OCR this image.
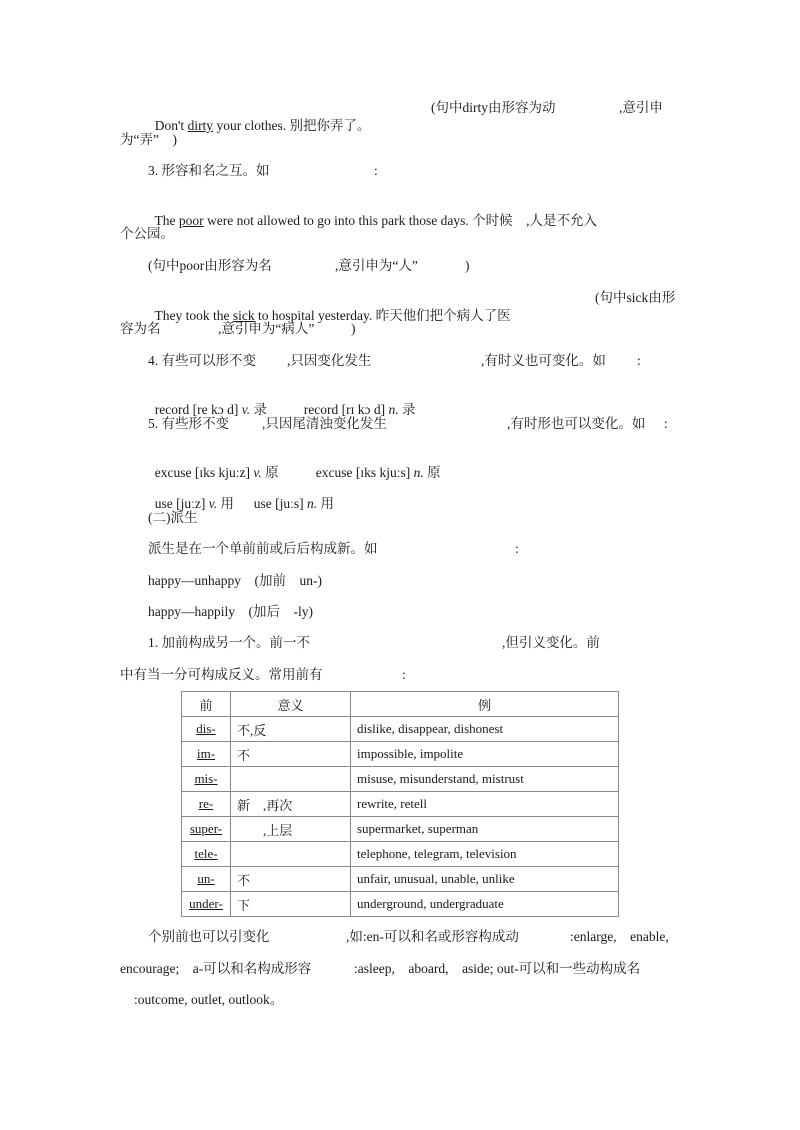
Don't dirty your clothes. 别把你弄了。

(句中dirty由形容为动	,意引申
为“弄”　)
3. 形容和名之互。如	:

The poor were not allowed to go into this park those days. 个时候　,人是不允入

个公园。
(句中poor由形容为名	,意引申为“人”	)

They took the sick to hospital yesterday. 昨天他们把个病人了医

(句中sick由形
容为名	,意引申为“病人”	)
4. 有些可以形不变 ,只因变化发生	,有时义也可变化。如 :

record [re kɔ d] v. 录	record [rɪ kɔ d] n. 录

5. 有些形不变 ,只因尾清浊变化发生	,有时形也可以变化。如 :

excuse [ɪks kjuːz] v. 原	excuse [ɪks kjuːs] n. 原

use [juːz] v. 用	use [juːs] n. 用

(二)派生
派生是在一个单前前或后后构成新。如	:
happy—unhappy　(加前　un-)
happy—happily　(加后　-ly)
1. 加前构成另一个。前一不	,但引义变化。前
中有当一分可构成反义。常用前有	:
前	意义	例
dis-	不,反	dislike, disappear, dishonest
im-	不	impossible, impolite
mis-		misuse, misunderstand, mistrust
re-	新　,再次	rewrite, retell
super-	　　,上层	supermarket, superman
tele-		telephone, telegram, television
un-	不	unfair, unusual, unable, unlike
under-	下	underground, undergraduate
个别前也可以引变化	,如:en-可以和名或形容构成动	:enlarge,　enable,
encourage;　a-可以和名构成形容	:asleep,　aboard,　aside; out-可以和一些动构成名
:outcome, outlet, outlook。
